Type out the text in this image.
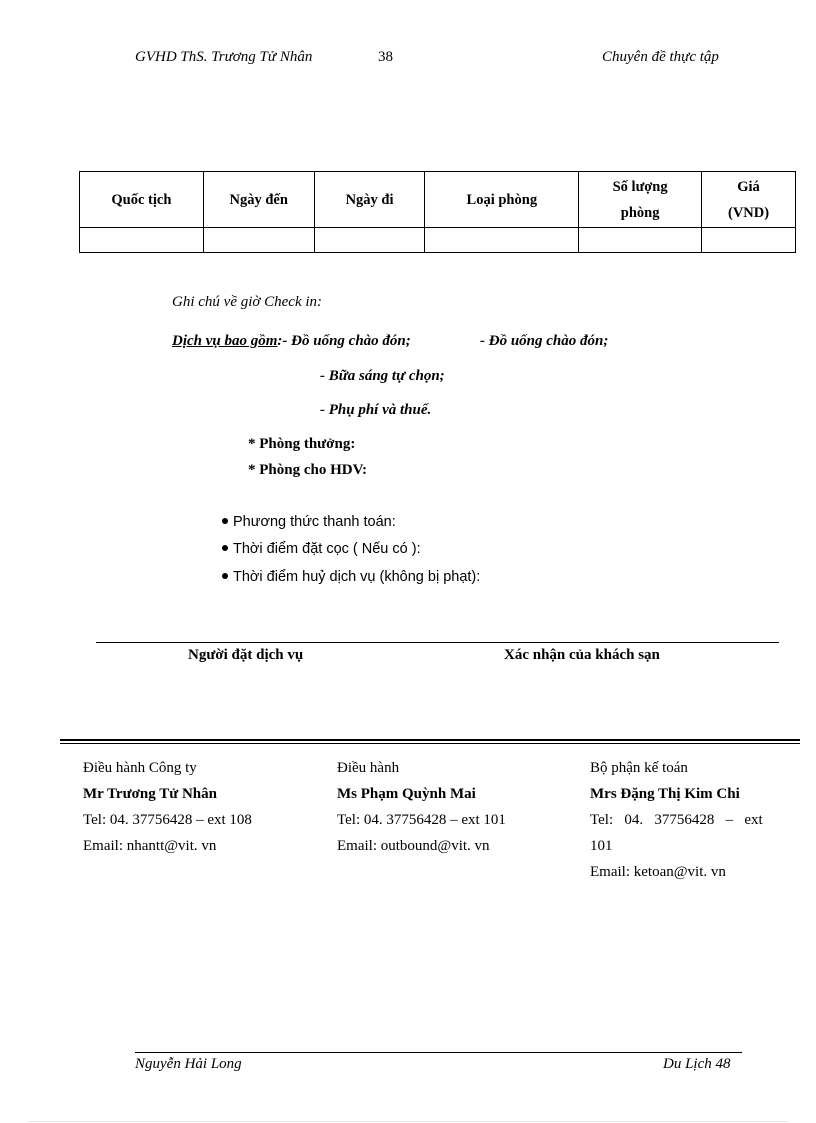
GVHD ThS. Trương Tử Nhân	38	Chuyên đề thực tập
Quốc tịch	Ngày đến	Ngày đi	Loại phòng	Số lượng phòng	Giá (VND)

Ghi chú về giờ Check in:
Dịch vụ bao gồm:- Đồ uống chào đón;	- Đồ uống chào đón;
- Bữa sáng tự chọn;
- Phụ phí và thuế.
* Phòng thưởng:
* Phòng cho HDV:
Phương thức thanh toán:
Thời điểm đặt cọc ( Nếu có ):
Thời điểm huỷ dịch vụ (không bị phạt):
Người đặt dịch vụ	Xác nhận của khách sạn
Điều hành Công ty
Mr Trương Tử Nhân
Tel: 04. 37756428 – ext 108
Email: nhantt@vit. vn
Điều hành
Ms Phạm Quỳnh Mai
Tel: 04. 37756428 – ext 101
Email: outbound@vit. vn
Bộ phận kế toán
Mrs Đặng Thị Kim Chi
Tel:   04.   37756428   –   ext
101
Email: ketoan@vit. vn
Nguyễn Hải Long	Du Lịch 48
